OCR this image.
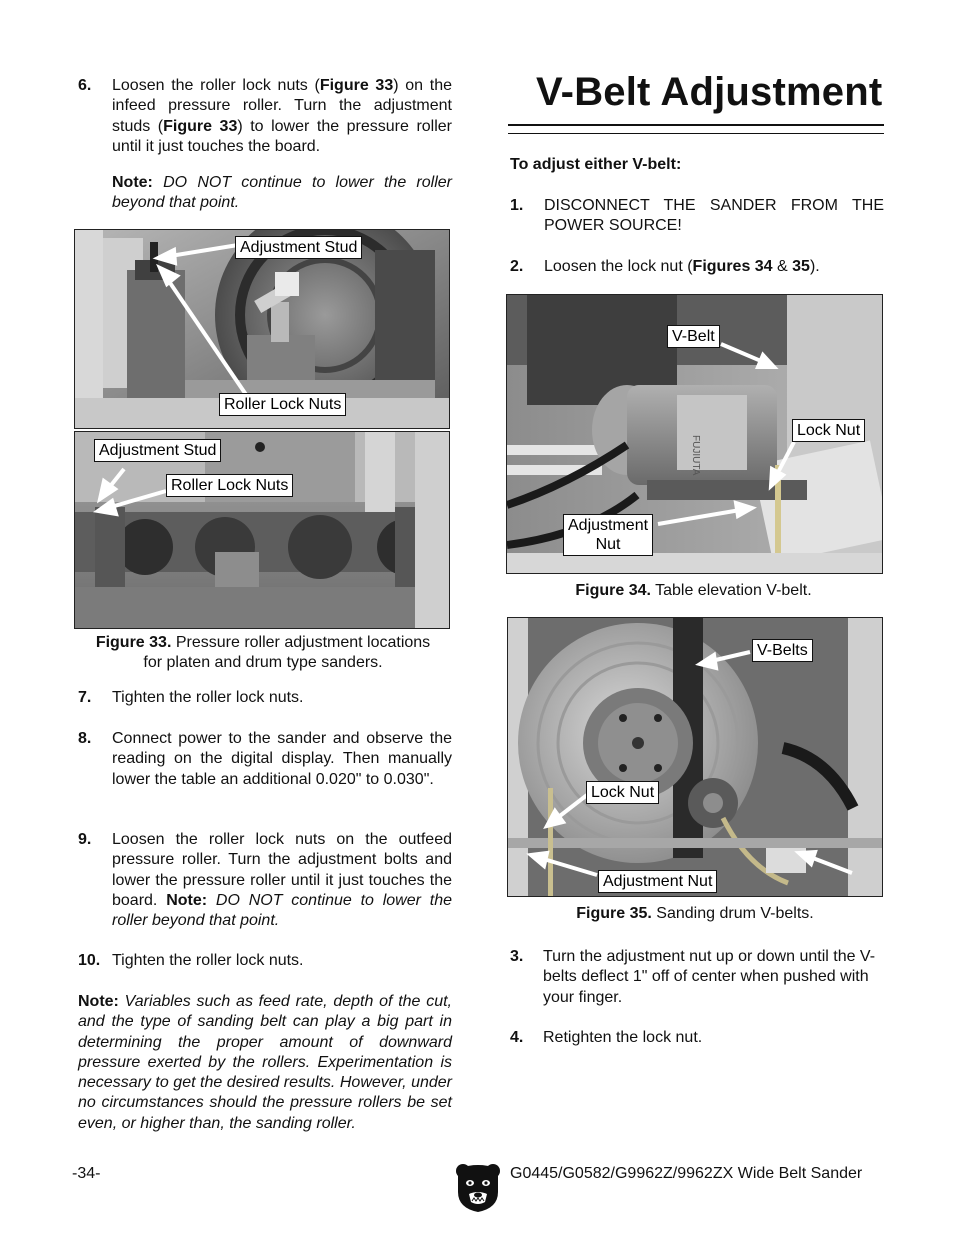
6. Loosen the roller lock nuts (Figure 33) on the infeed pressure roller. Turn the adjustment studs (Figure 33) to lower the pressure roller until it just touches the board.
Note: DO NOT continue to lower the roller beyond that point.
Adjustment Stud
Roller Lock Nuts
Adjustment Stud
Roller Lock Nuts
Figure 33. Pressure roller adjustment locations
for platen and drum type sanders.
7. Tighten the roller lock nuts.
8. Connect power to the sander and observe the reading on the digital display. Then manually lower the table an additional 0.020" to 0.030".
9. Loosen the roller lock nuts on the outfeed pressure roller. Turn the adjustment bolts and lower the pressure roller until it just touches the board. Note: DO NOT continue to lower the roller beyond that point.
10. Tighten the roller lock nuts.
Note: Variables such as feed rate, depth of the cut, and the type of sanding belt can play a big part in determining the proper amount of downward pressure exerted by the rollers. Experimentation is necessary to get the desired results. However, under no circumstances should the pressure rollers be set even, or higher than, the sanding roller.
V-Belt Adjustment
To adjust either V-belt:
1. DISCONNECT THE SANDER FROM THE POWER SOURCE!
2. Loosen the lock nut (Figures 34 & 35).
FUJIUTA
V-Belt
Lock Nut
Adjustment
Nut
Figure 34. Table elevation V-belt.
V-Belts
Lock Nut
Adjustment Nut
Figure 35. Sanding drum V-belts.
3. Turn the adjustment nut up or down until the V-belts deflect 1" off of center when pushed with your finger.
4. Retighten the lock nut.
-34-	G0445/G0582/G9962Z/9962ZX Wide Belt Sander
